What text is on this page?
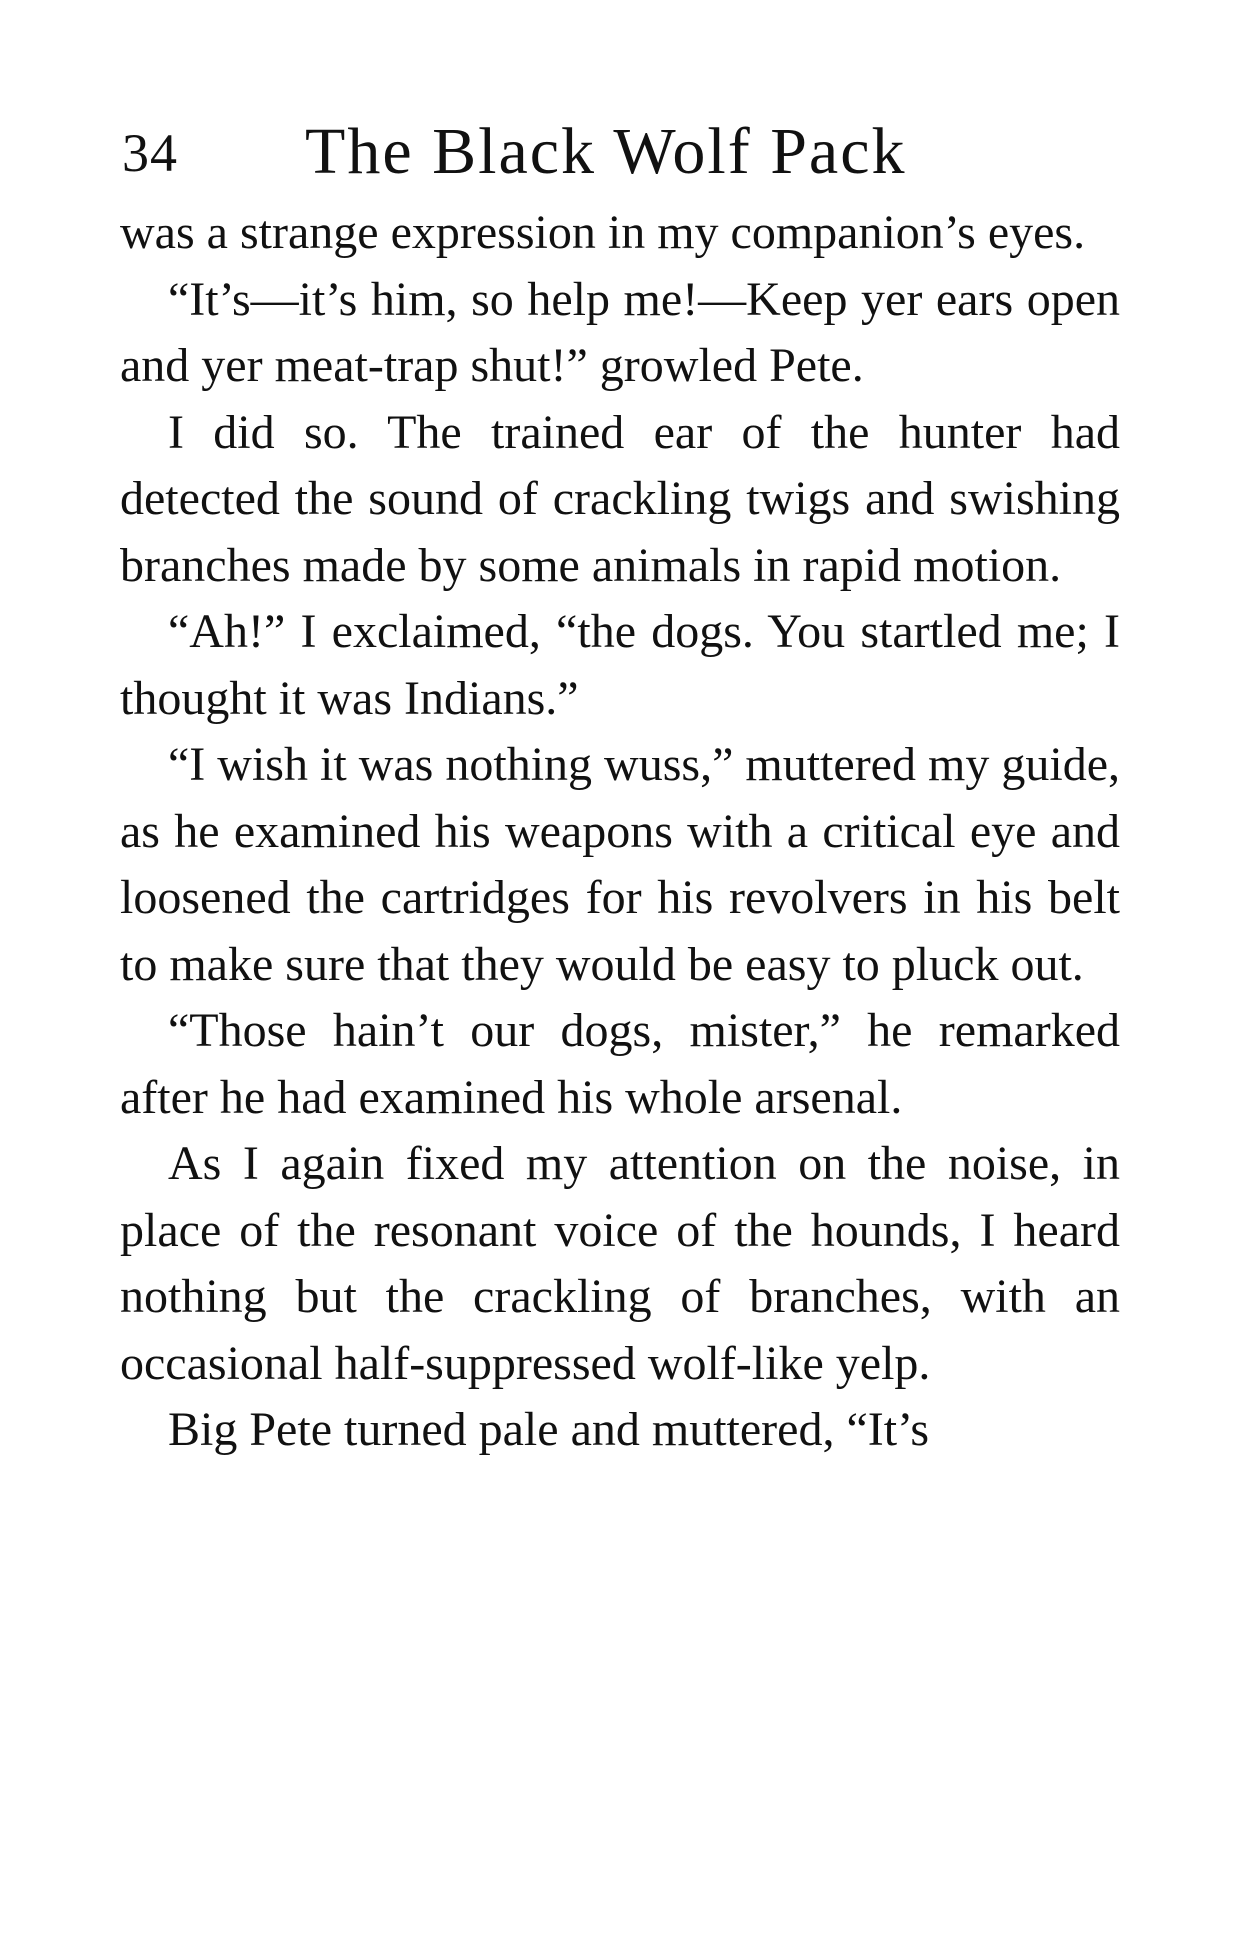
34 The Black Wolf Pack

was a strange expression in my companion’s eyes.

“It’s—it’s him, so help me!—Keep yer ears open and yer meat-trap shut!” growled Pete.

I did so. The trained ear of the hunter had detected the sound of crackling twigs and swishing branches made by some animals in rapid motion.

“Ah!” I exclaimed, “the dogs. You startled me; I thought it was Indians.”

“I wish it was nothing wuss,” muttered my guide, as he examined his weapons with a critical eye and loosened the cartridges for his revolvers in his belt to make sure that they would be easy to pluck out.

“Those hain’t our dogs, mister,” he remarked after he had examined his whole arsenal.

As I again fixed my attention on the noise, in place of the resonant voice of the hounds, I heard nothing but the crackling of branches, with an occasional half-suppressed wolf-like yelp.

Big Pete turned pale and muttered, “It’s
